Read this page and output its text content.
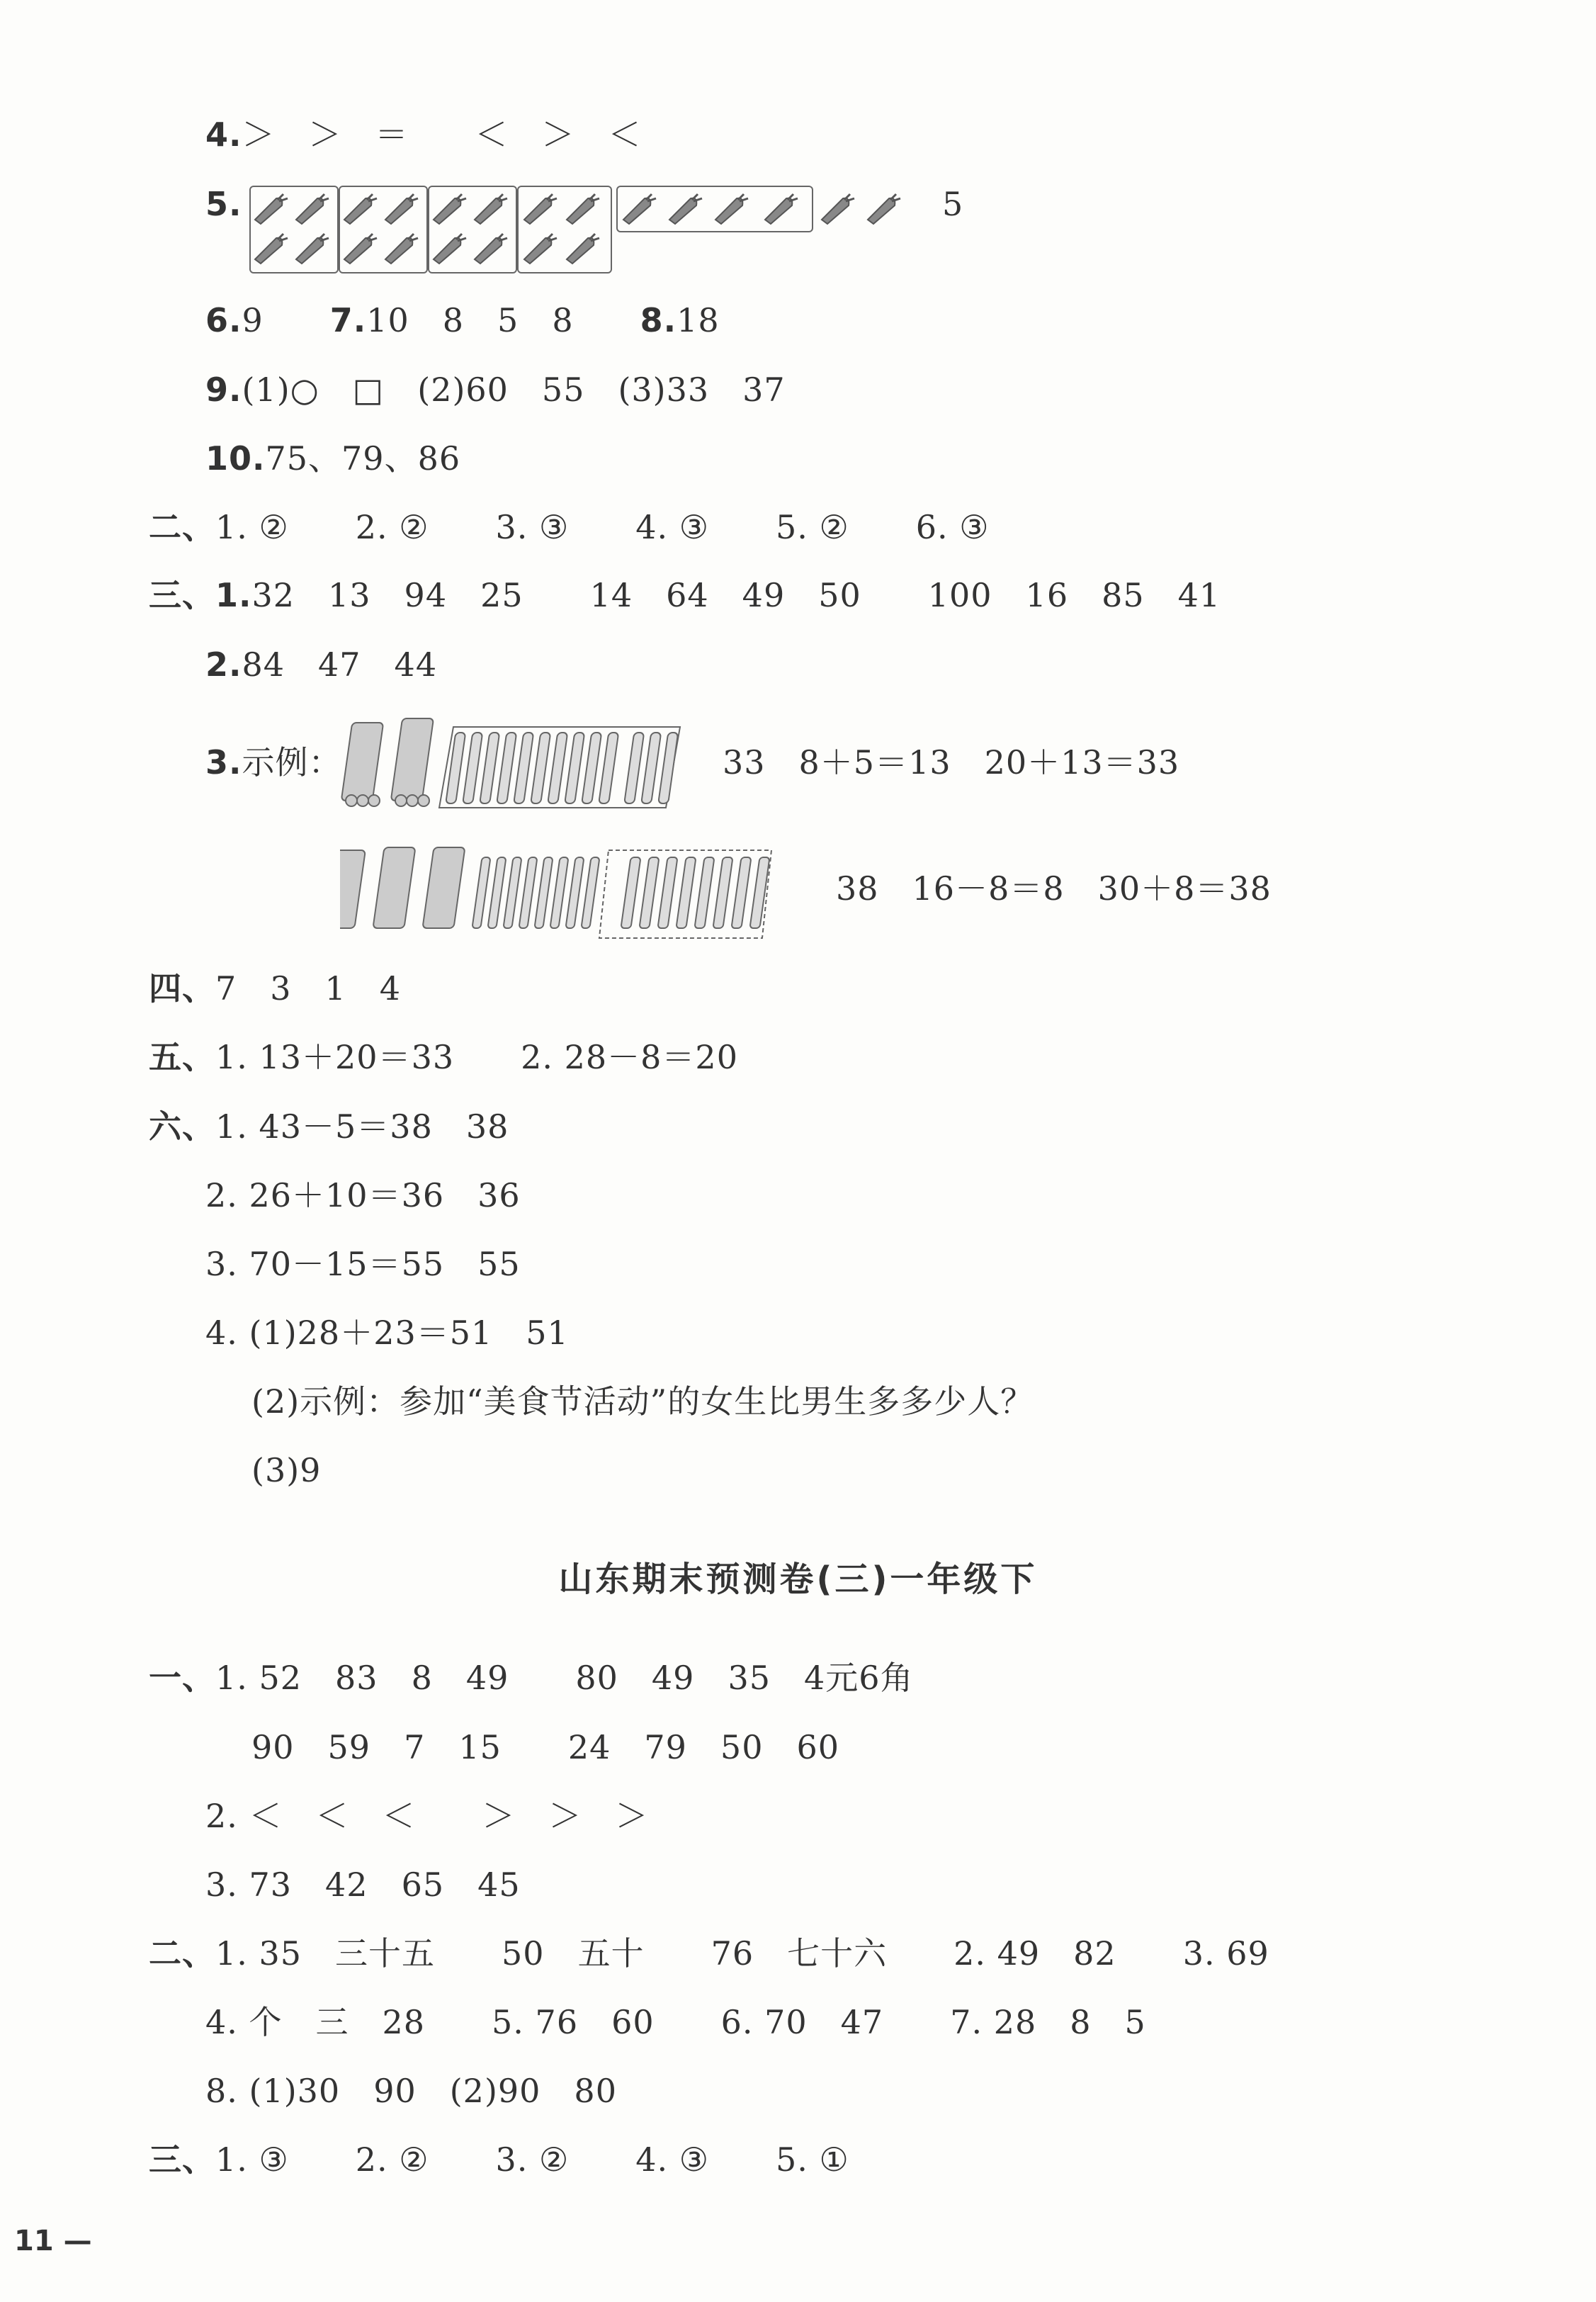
4.＞　＞　＝　　＜　＞　＜
5.	5
6.9　　7.10　8　5　8　　8.18
9.(1)○　□　(2)60　55　(3)33　37
10.75、79、86
二、1. ②　　2. ②　　3. ③　　4. ③　　5. ②　　6. ③
三、1.32　13　94　25　　14　64　49　50　　100　16　85　41
2.84　47　44
3.示例：	33　8＋5＝13　20＋13＝33
38　16－8＝8　30＋8＝38
四、7　3　1　4
五、1. 13＋20＝33　　2. 28－8＝20
六、1. 43－5＝38　38
2. 26＋10＝36　36
3. 70－15＝55　55
4. (1)28＋23＝51　51
(2)示例：参加“美食节活动”的女生比男生多多少人？
(3)9
山东期末预测卷(三)一年级下
一、1. 52　83　8　49　　80　49　35　4元6角
90　59　7　15　　24　79　50　60
2. ＜　＜　＜　　＞　＞　＞
3. 73　42　65　45
二、1. 35　三十五　　50　五十　　76　七十六　　2. 49　82　　3. 69
4. 个　三　28　　5. 76　60　　6. 70　47　　7. 28　8　5
8. (1)30　90　(2)90　80
三、1. ③　　2. ②　　3. ②　　4. ③　　5. ①
11 —
